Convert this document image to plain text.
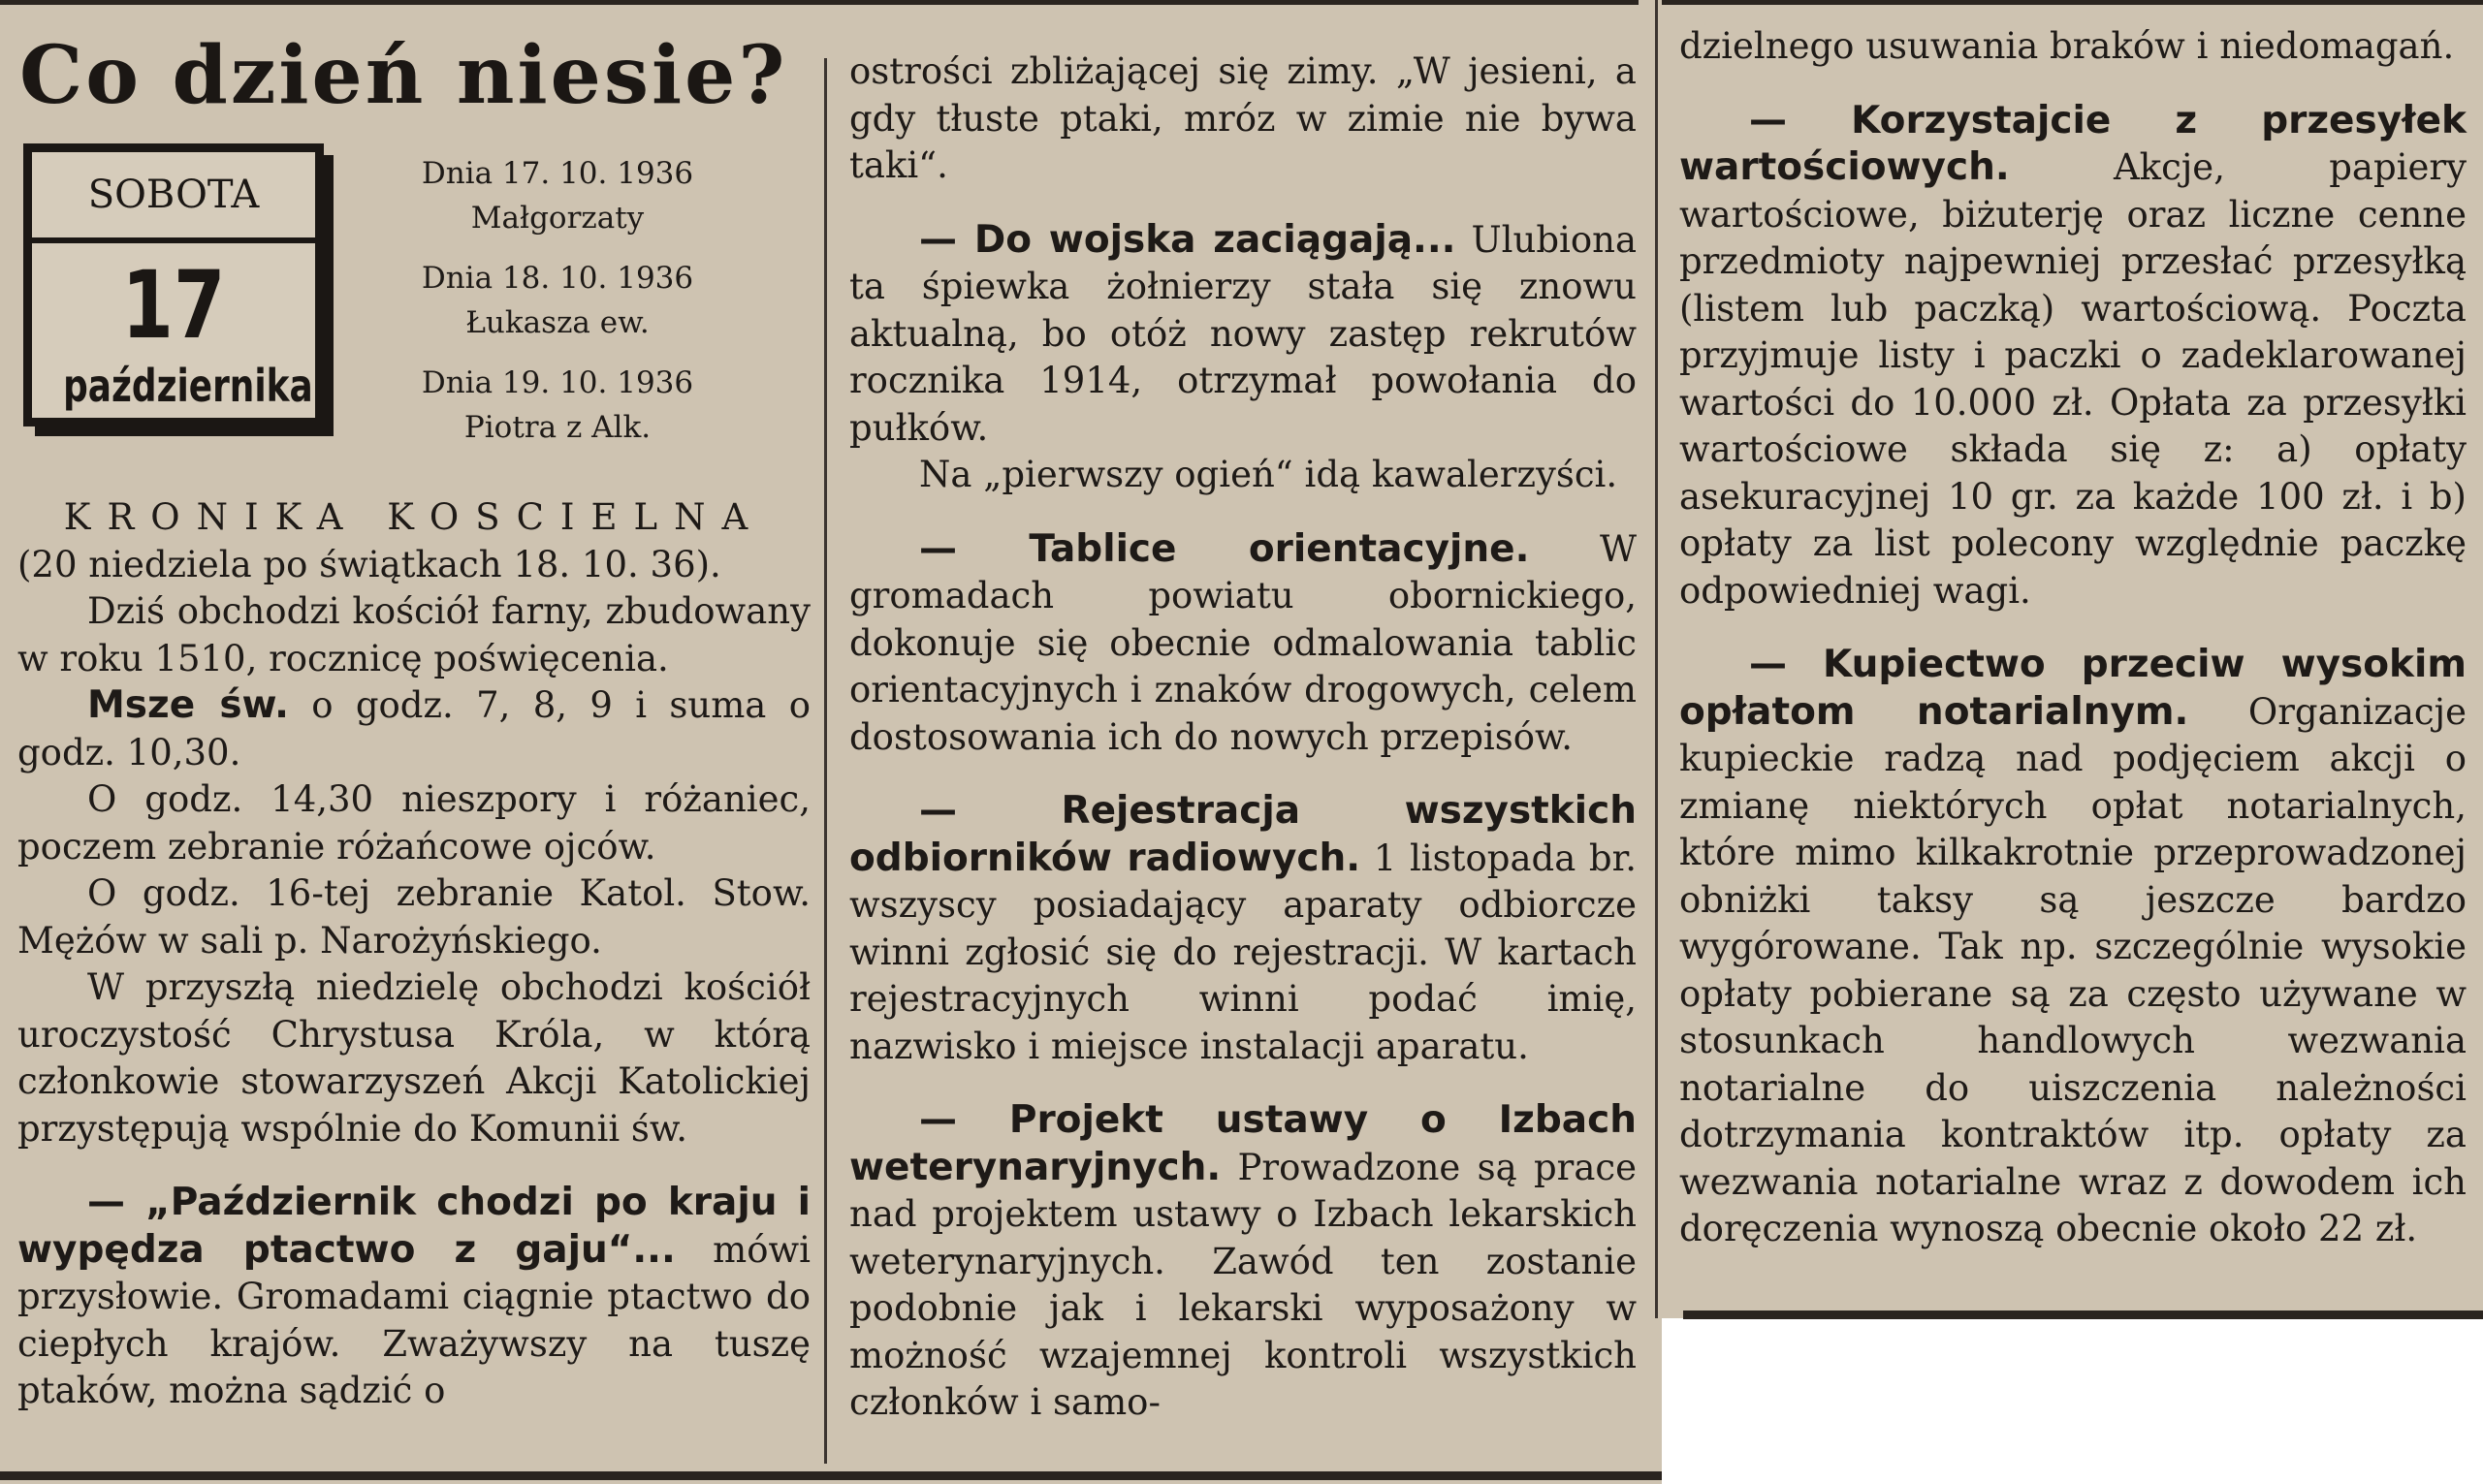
Co dzień niesie?
SOBOTA
17
października
Dnia 17. 10. 1936
Małgorzaty
Dnia 18. 10. 1936
Łukasza ew.
Dnia 19. 10. 1936
Piotra z Alk.

KRONIKA KOSCIELNA

(20 niedziela po świątkach 18. 10. 36).

Dziś obchodzi kościół farny, zbudowany w roku 1510, rocznicę poświęcenia.

Msze św. o godz. 7, 8, 9 i suma o godz. 10,30.

O godz. 14,30 nieszpory i różaniec, poczem zebranie różańcowe ojców.

O godz. 16-tej zebranie Katol. Stow. Mężów w sali p. Narożyńskiego.

W przyszłą niedzielę obchodzi kościół uroczystość Chrystusa Króla, w którą członkowie stowarzyszeń Akcji Katolickiej przystępują wspólnie do Komunii św.

— „Październik chodzi po kraju i wypędza ptactwo z gaju“... mówi przysłowie. Gromadami ciągnie ptactwo do ciepłych krajów. Zważywszy na tuszę ptaków, można sądzić o

ostrości zbliżającej się zimy. „W jesieni, a gdy tłuste ptaki, mróz w zimie nie bywa taki“.

— Do wojska zaciągają... Ulubiona ta śpiewka żołnierzy stała się znowu aktualną, bo otóż nowy zastęp rekrutów rocznika 1914, otrzymał powołania do pułków.

Na „pierwszy ogień“ idą kawalerzyści.

— Tablice orientacyjne. W gromadach powiatu obornickiego, dokonuje się obecnie odmalowania tablic orientacyjnych i znaków drogowych, celem dostosowania ich do nowych przepisów.

— Rejestracja wszystkich odbiorników radiowych. 1 listopada br. wszyscy posiadający aparaty odbiorcze winni zgłosić się do rejestracji. W kartach rejestracyjnych winni podać imię, nazwisko i miejsce instalacji aparatu.

— Projekt ustawy o Izbach weterynaryjnych. Prowadzone są prace nad projektem ustawy o Izbach lekarskich weterynaryjnych. Zawód ten zostanie podobnie jak i lekarski wyposażony w możność wzajemnej kontroli wszystkich członków i samo-

dzielnego usuwania braków i niedomagań.

— Korzystajcie z przesyłek wartościowych. Akcje, papiery wartościowe, biżuterję oraz liczne cenne przedmioty najpewniej przesłać przesyłką (listem lub paczką) wartościową. Poczta przyjmuje listy i paczki o zadeklarowanej wartości do 10.000 zł. Opłata za przesyłki wartościowe składa się z: a) opłaty asekuracyjnej 10 gr. za każde 100 zł. i b) opłaty za list polecony względnie paczkę odpowiedniej wagi.

— Kupiectwo przeciw wysokim opłatom notarialnym. Organizacje kupieckie radzą nad podjęciem akcji o zmianę niektórych opłat notarialnych, które mimo kilkakrotnie przeprowadzonej obniżki taksy są jeszcze bardzo wygórowane. Tak np. szczególnie wysokie opłaty pobierane są za często używane w stosunkach handlowych wezwania notarialne do uiszczenia należności dotrzymania kontraktów itp. opłaty za wezwania notarialne wraz z dowodem ich doręczenia wynoszą obecnie około 22 zł.
